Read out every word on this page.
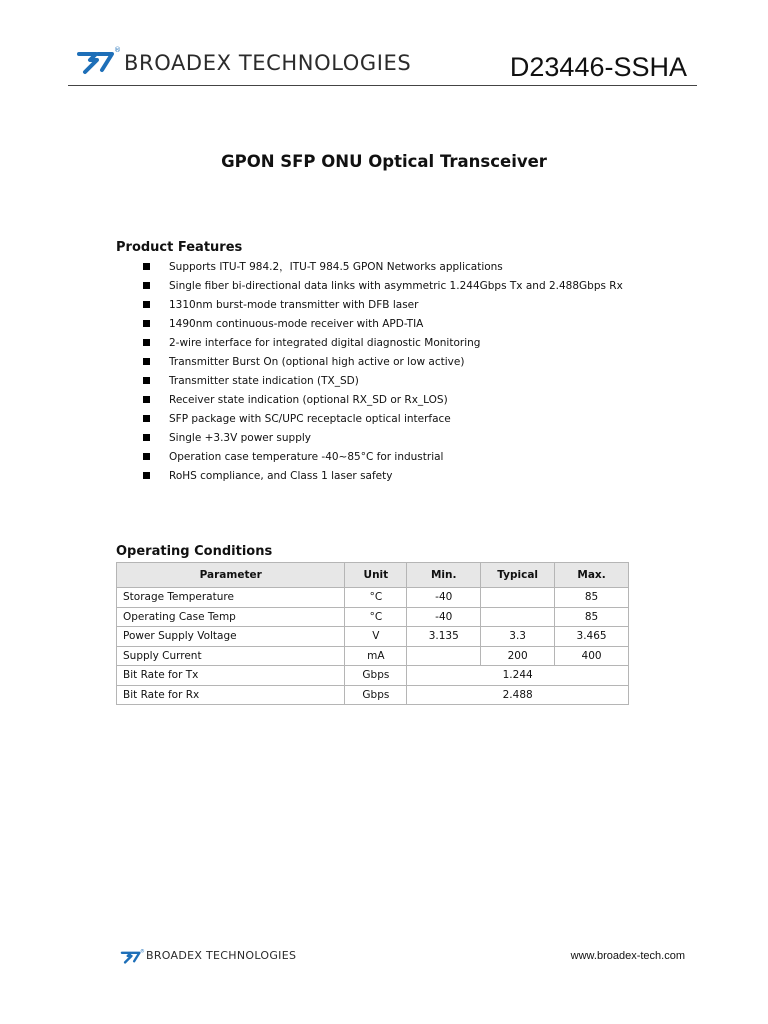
®
BROADEX TECHNOLOGIES	D23446-SSHA
GPON SFP ONU Optical Transceiver
Product Features
Supports ITU-T 984.2，ITU-T 984.5 GPON Networks applications
Single fiber bi-directional data links with asymmetric 1.244Gbps Tx and 2.488Gbps Rx
1310nm burst-mode transmitter with DFB laser
1490nm continuous-mode receiver with APD-TIA
2-wire interface for integrated digital diagnostic Monitoring
Transmitter Burst On (optional high active or low active)
Transmitter state indication (TX_SD)
Receiver state indication (optional RX_SD or Rx_LOS)
SFP package with SC/UPC receptacle optical interface
Single +3.3V power supply
Operation case temperature -40~85°C for industrial
RoHS compliance, and Class 1 laser safety
Operating Conditions
Parameter	Unit	Min.	Typical	Max.
Storage Temperature	°C	-40		85
Operating Case Temp	°C	-40		85
Power Supply Voltage	V	3.135	3.3	3.465
Supply Current	mA		200	400
Bit Rate for Tx	Gbps	1.244		
Bit Rate for Rx	Gbps	2.488		
® BROADEX TECHNOLOGIES	www.broadex-tech.com
